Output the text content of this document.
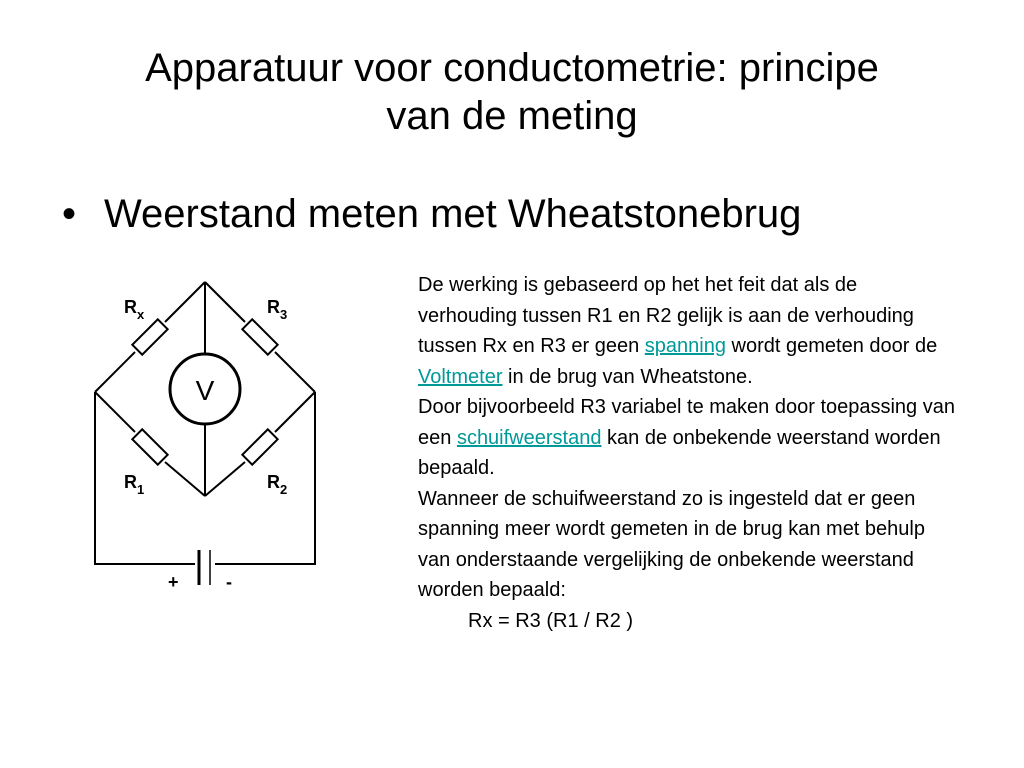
Apparatuur voor conductometrie: principe
van de meting
• Weerstand meten met Wheatstonebrug
$R_x$	$R_3$
$R_1$	$R_2$
+	-
V
De werking is gebaseerd op het het feit dat als de verhouding tussen R1 en R2 gelijk is aan de verhouding tussen Rx en R3 er geen spanning wordt gemeten door de Voltmeter in de brug van Wheatstone.
Door bijvoorbeeld R3 variabel te maken door toepassing van een schuifweerstand kan de onbekende weerstand worden bepaald.
Wanneer de schuifweerstand zo is ingesteld dat er geen spanning meer wordt gemeten in de brug kan met behulp van onderstaande vergelijking de onbekende weerstand worden bepaald:
Rx = R3 (R1 / R2 )
